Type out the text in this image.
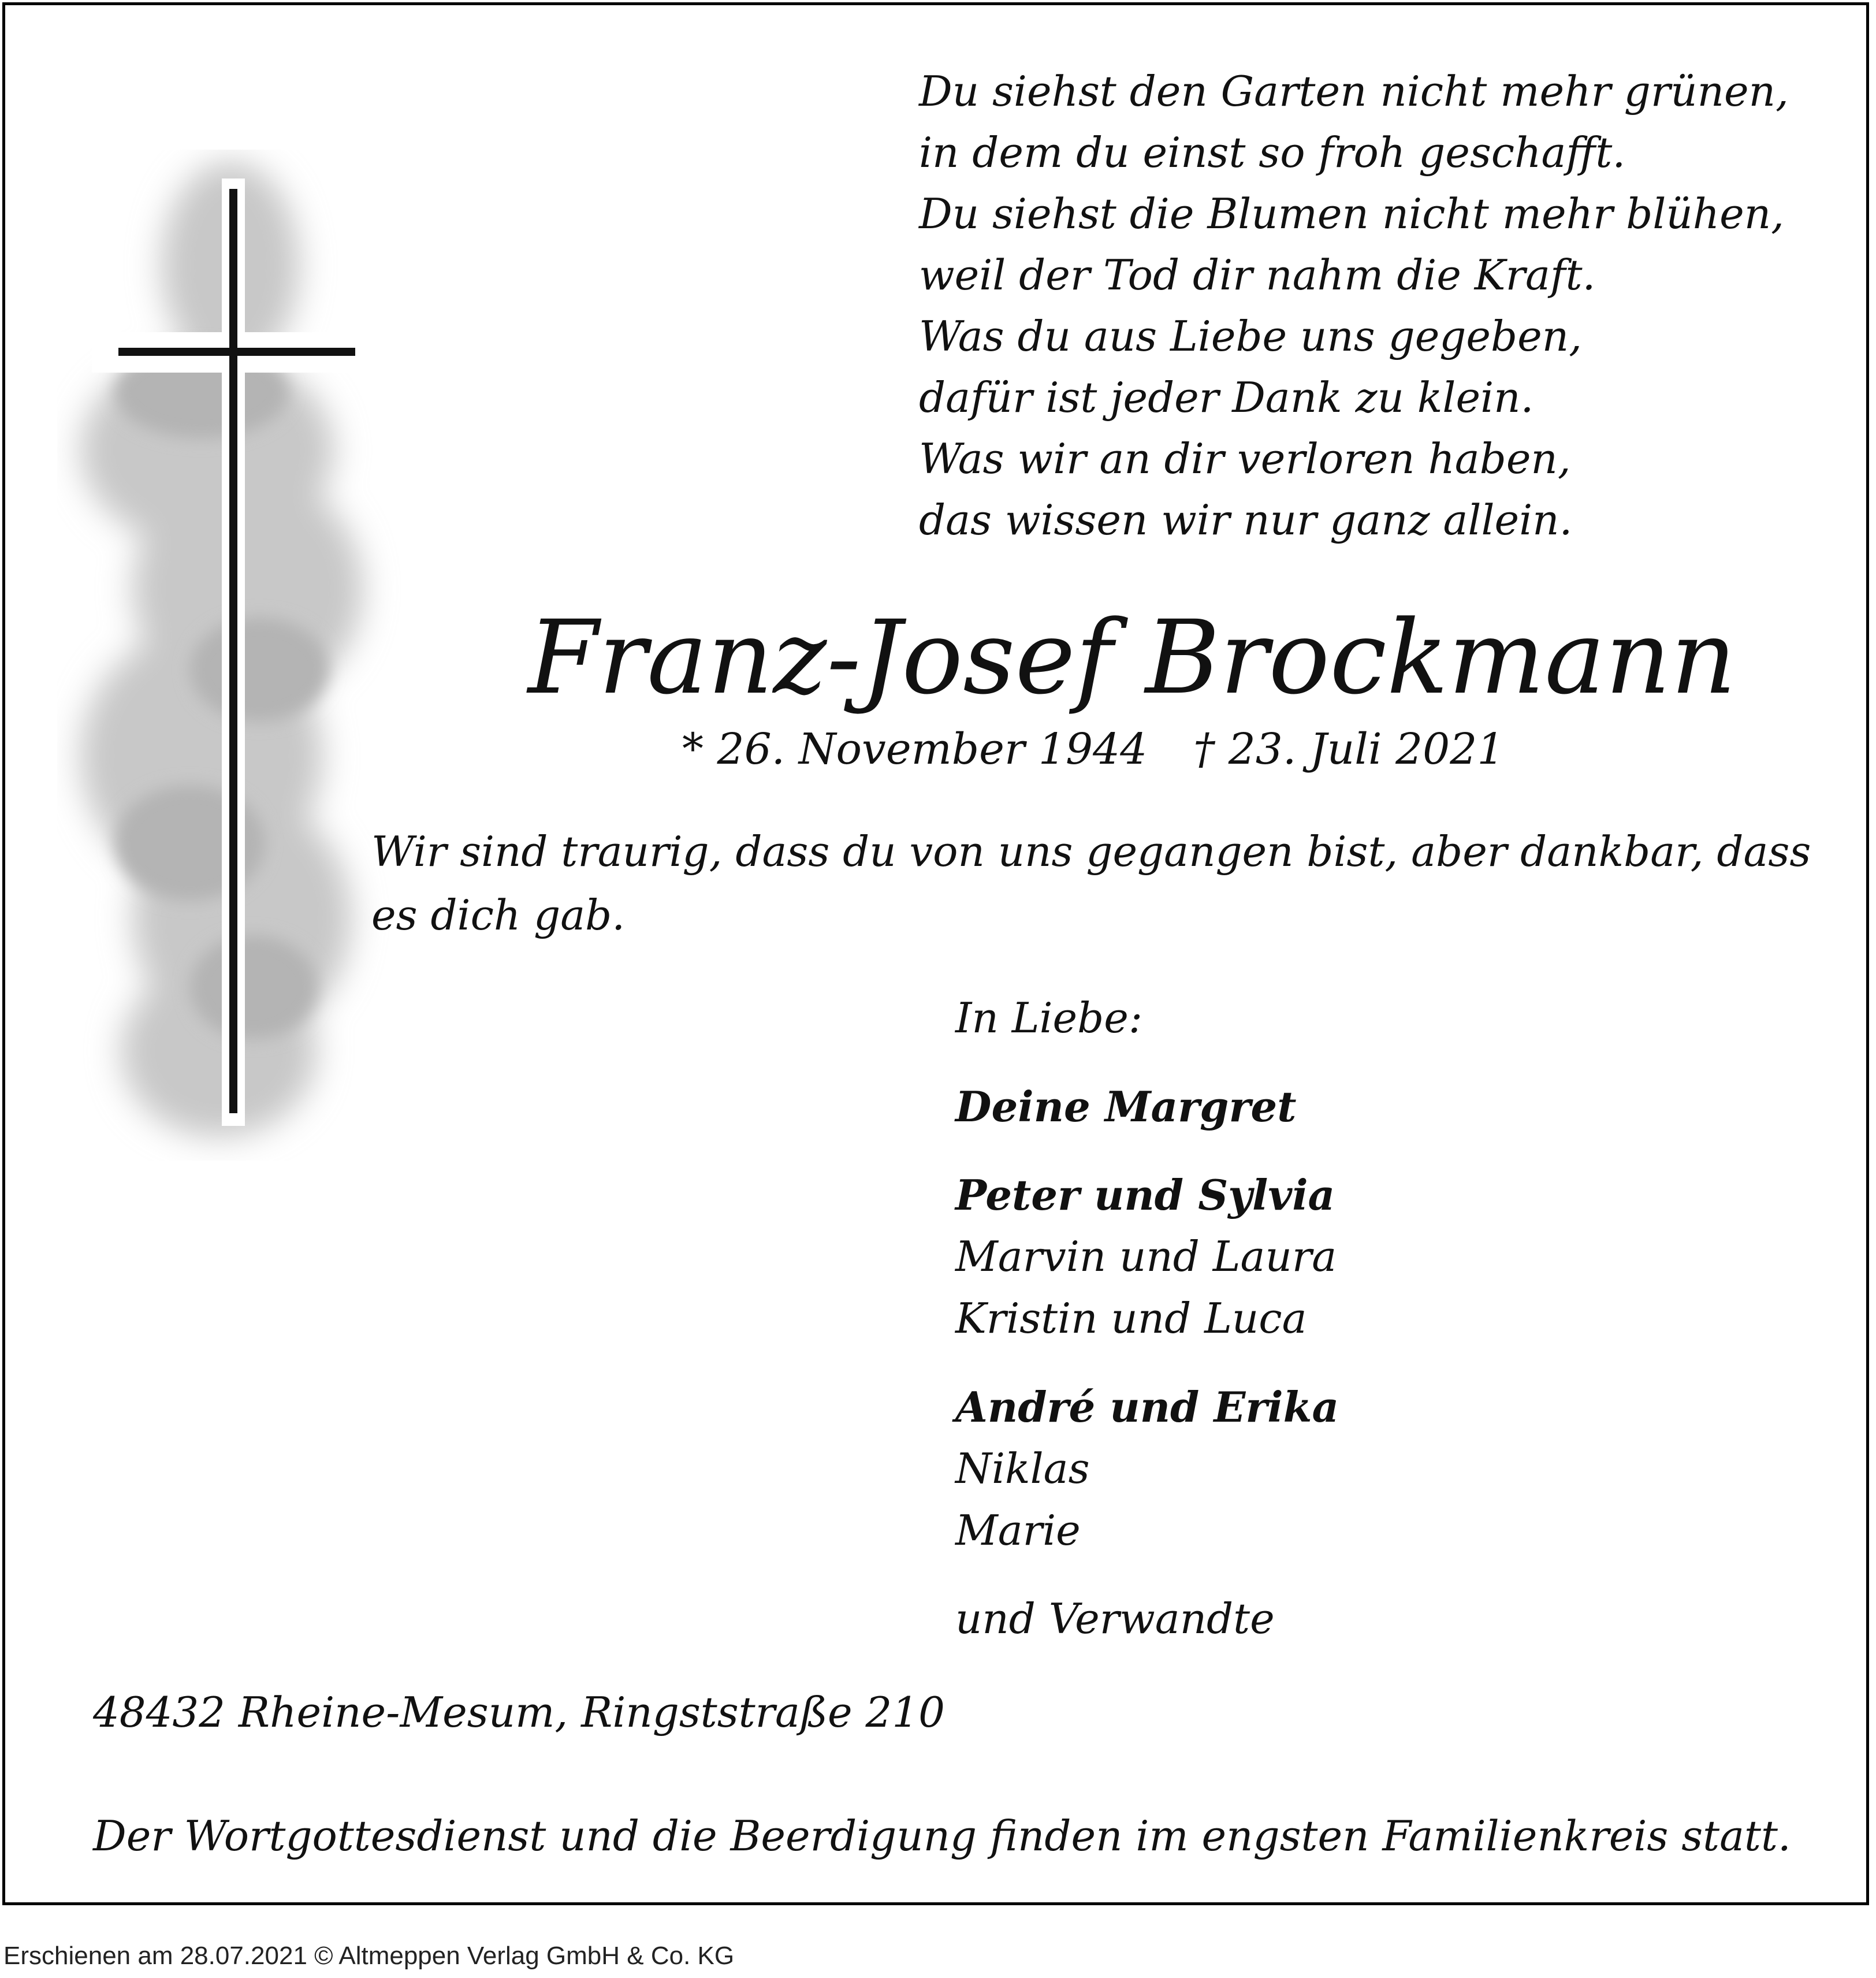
Du siehst den Garten nicht mehr grünen,
in dem du einst so froh geschafft.
Du siehst die Blumen nicht mehr blühen,
weil der Tod dir nahm die Kraft.
Was du aus Liebe uns gegeben,
dafür ist jeder Dank zu klein.
Was wir an dir verloren haben,
das wissen wir nur ganz allein.
Franz-Josef Brockmann
* 26. November 1944 † 23. Juli 2021
Wir sind traurig, dass du von uns gegangen bist, aber dankbar, dass
es dich gab.
In Liebe:
Deine Margret
Peter und Sylvia
Marvin und Laura
Kristin und Luca
André und Erika
Niklas
Marie
und Verwandte
48432 Rheine-Mesum, Ringststraße 210
Der Wortgottesdienst und die Beerdigung finden im engsten Familienkreis statt.
Erschienen am 28.07.2021 © Altmeppen Verlag GmbH & Co. KG
